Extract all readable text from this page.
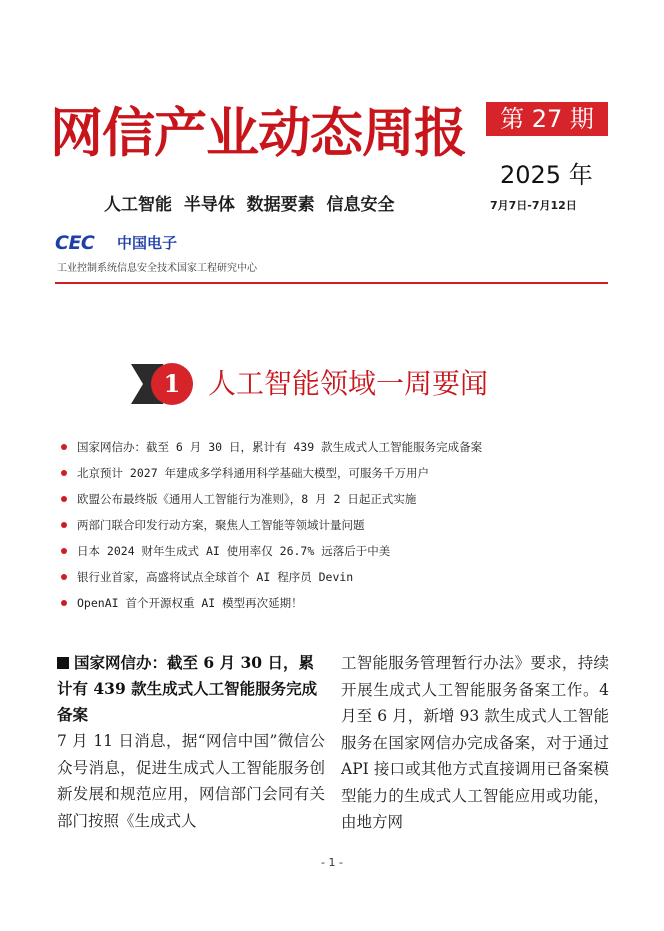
网信产业动态周报	第 27 期
2025 年
人工智能  半导体  数据要素  信息安全	7月7日-7月12日
CEC	中国电子
工业控制系统信息安全技术国家工程研究中心
1 人工智能领域一周要闻
国家网信办：截至 6 月 30 日，累计有 439 款生成式人工智能服务完成备案
北京预计 2027 年建成多学科通用科学基础大模型，可服务千万用户
欧盟公布最终版《通用人工智能行为准则》，8 月 2 日起正式实施
两部门联合印发行动方案，聚焦人工智能等领域计量问题
日本 2024 财年生成式 AI 使用率仅 26.7% 远落后于中美
银行业首家，高盛将试点全球首个 AI 程序员 Devin
OpenAI 首个开源权重 AI 模型再次延期！

国家网信办：截至 6 月 30 日，累计有 439 款生成式人工智能服务完成备案

7 月 11 日消息，据“网信中国”微信公众号消息，促进生成式人工智能服务创新发展和规范应用，网信部门会同有关部门按照《生成式人

工智能服务管理暂行办法》要求，持续开展生成式人工智能服务备案工作。4 月至 6 月，新增 93 款生成式人工智能服务在国家网信办完成备案，对于通过 API 接口或其他方式直接调用已备案模型能力的生成式人工智能应用或功能，由地方网

- 1 -
